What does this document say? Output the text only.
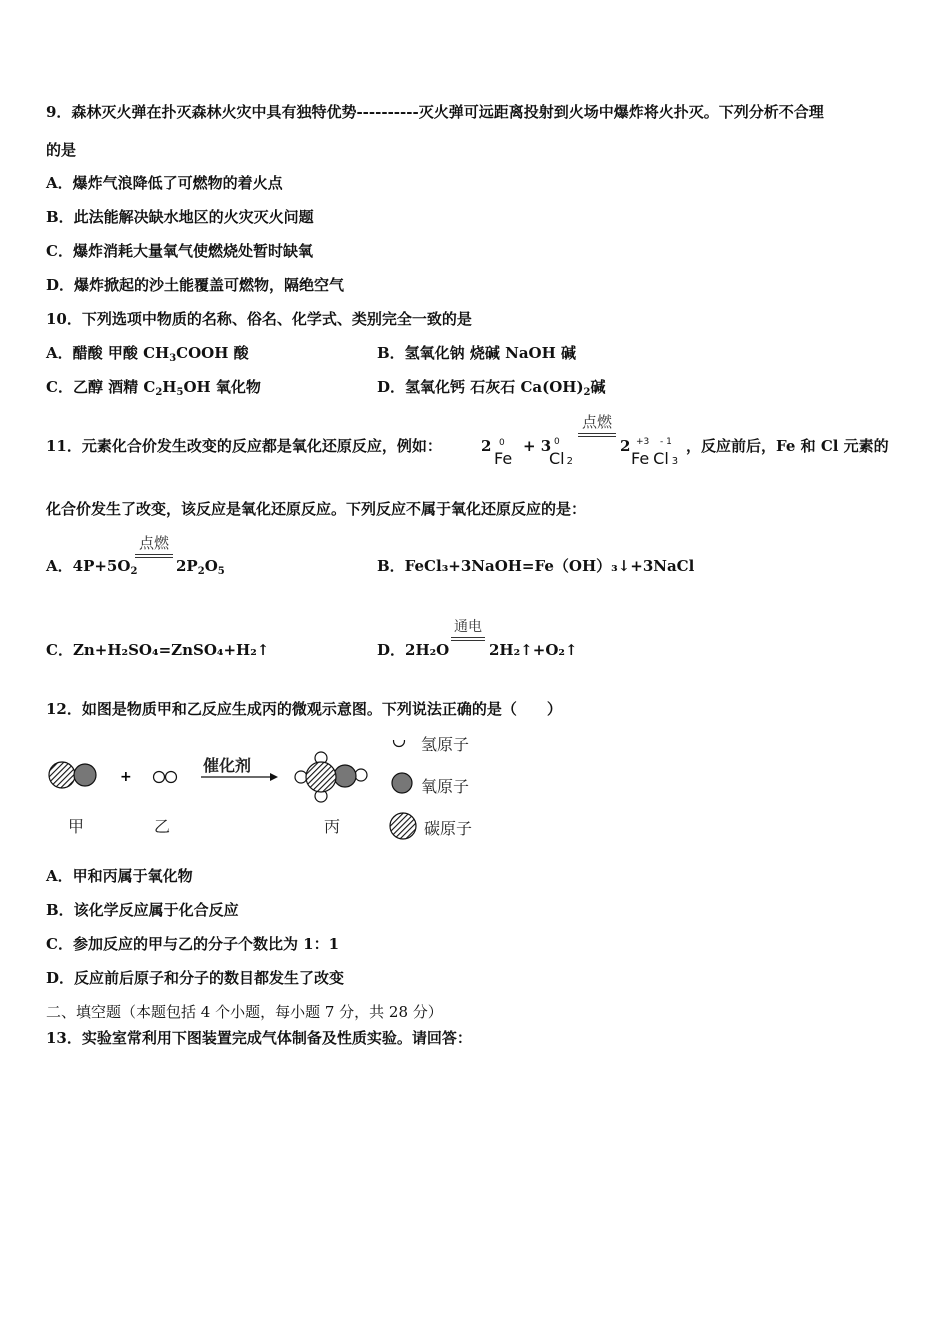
9．森林灭火弹在扑灭森林火灾中具有独特优势----------灭火弹可远距离投射到火场中爆炸将火扑灭。下列分析不合理
的是
A．爆炸气浪降低了可燃物的着火点
B．此法能解决缺水地区的火灾灭火问题
C．爆炸消耗大量氧气使燃烧处暂时缺氧
D．爆炸掀起的沙土能覆盖可燃物，隔绝空气
10．下列选项中物质的名称、俗名、化学式、类别完全一致的是
A．醋酸 甲酸 $CH_3COOH$ 酸	B．氢氧化钠 烧碱 NaOH 碱
C．乙醇 酒精 $C_2H_5OH$ 氧化物	D．氢氧化钙 石灰石 $Ca(OH)_2$碱
11．元素化合价发生改变的反应都是氧化还原反应，例如：	2 0
Fe
+ 3 0
Cl 2
点燃
2 +3 - 1
Fe Cl 3
，反应前后，Fe 和 Cl 元素的
化合价发生了改变，该反应是氧化还原反应。下列反应不属于氧化还原反应的是：
A．$4P+5O_2$
点燃
$2P_2O_5$	B．FeCl₃+3NaOH=Fe（OH）₃↓+3NaCl
C．Zn+H₂SO₄=ZnSO₄+H₂↑	D．2H₂O
通电
2H₂↑+O₂↑
12．如图是物质甲和乙反应生成丙的微观示意图。下列说法正确的是（　　）
+
催化剂
氢原子
氧原子
碳原子
甲	乙	丙
A．甲和丙属于氧化物
B．该化学反应属于化合反应
C．参加反应的甲与乙的分子个数比为 1：1
D．反应前后原子和分子的数目都发生了改变
二、填空题（本题包括 4 个小题，每小题 7 分，共 28 分）
13．实验室常利用下图装置完成气体制备及性质实验。请回答：
